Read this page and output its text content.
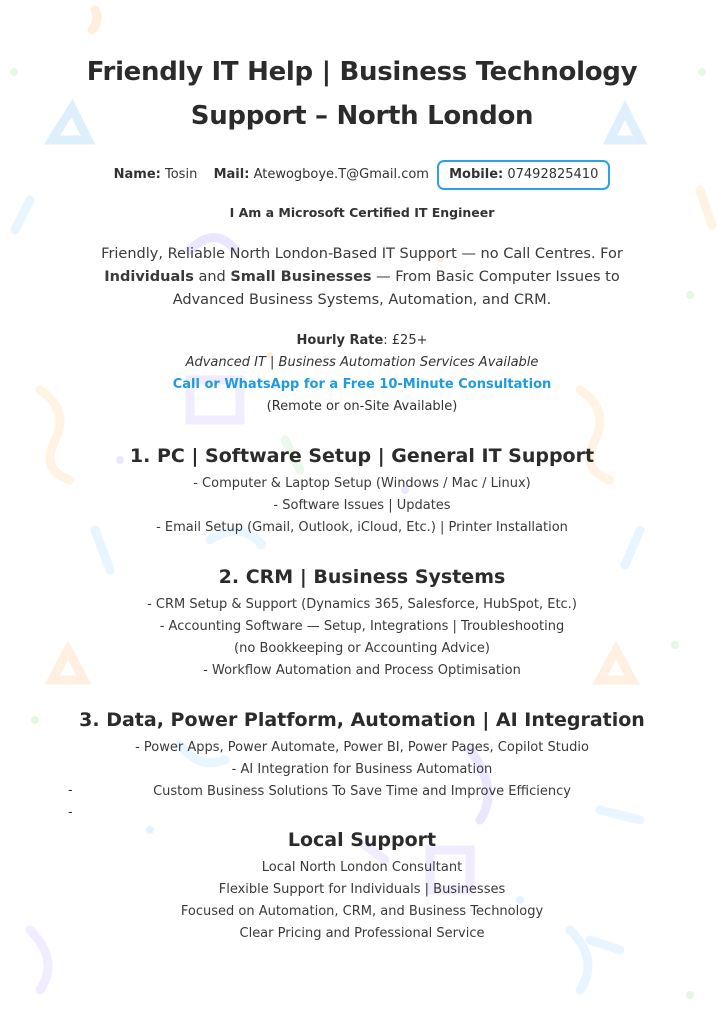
Friendly IT Help | Business Technology
Support – North London
Name: Tosin Mail: Atewogboye.T@Gmail.com Mobile: 07492825410
I Am a Microsoft Certified IT Engineer
Friendly, Reliable North London-Based IT Support — no Call Centres. For Individuals and Small Businesses — From Basic Computer Issues to Advanced Business Systems, Automation, and CRM.
Hourly Rate: £25+
Advanced IT | Business Automation Services Available
Call or WhatsApp for a Free 10-Minute Consultation
(Remote or on-Site Available)
1. PC | Software Setup | General IT Support
- Computer & Laptop Setup (Windows / Mac / Linux)
- Software Issues | Updates
- Email Setup (Gmail, Outlook, iCloud, Etc.) | Printer Installation
2. CRM | Business Systems
- CRM Setup & Support (Dynamics 365, Salesforce, HubSpot, Etc.)
- Accounting Software — Setup, Integrations | Troubleshooting
(no Bookkeeping or Accounting Advice)
- Workflow Automation and Process Optimisation
3. Data, Power Platform, Automation | AI Integration
- Power Apps, Power Automate, Power BI, Power Pages, Copilot Studio
- AI Integration for Business Automation
Custom Business Solutions To Save Time and Improve Efficiency
-
-
Local Support
Local North London Consultant
Flexible Support for Individuals | Businesses
Focused on Automation, CRM, and Business Technology
Clear Pricing and Professional Service
